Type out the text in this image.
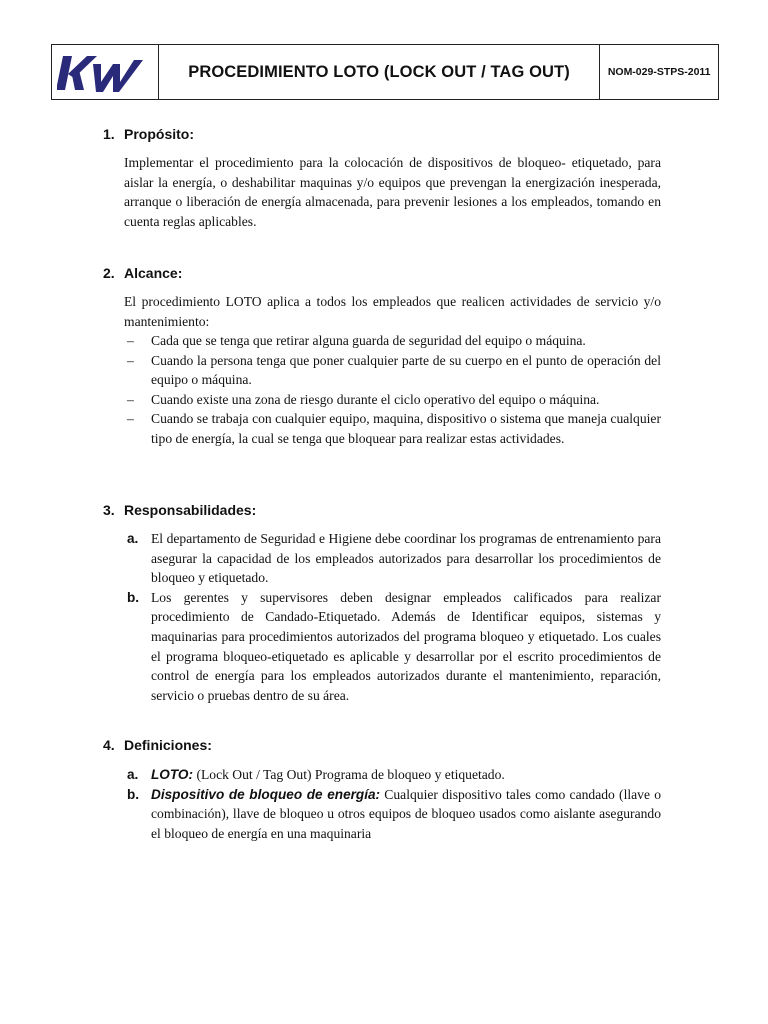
KW
PROCEDIMIENTO LOTO (LOCK OUT / TAG OUT)	NOM-029-STPS-2011
1. Propósito:

Implementar el procedimiento para la colocación de dispositivos de bloqueo- etiquetado, para aislar la energía, o deshabilitar maquinas y/o equipos que prevengan la energización inesperada, arranque o liberación de energía almacenada, para prevenir lesiones a los empleados, tomando en cuenta reglas aplicables.

2. Alcance:

El procedimiento LOTO aplica a todos los empleados que realicen actividades de servicio y/o mantenimiento:

– Cada que se tenga que retirar alguna guarda de seguridad del equipo o máquina.
– Cuando la persona tenga que poner cualquier parte de su cuerpo en el punto de operación del equipo o máquina.
– Cuando existe una zona de riesgo durante el ciclo operativo del equipo o máquina.
– Cuando se trabaja con cualquier equipo, maquina, dispositivo o sistema que maneja cualquier tipo de energía, la cual se tenga que bloquear para realizar estas actividades.
3. Responsabilidades:
a. El departamento de Seguridad e Higiene debe coordinar los programas de entrenamiento para asegurar la capacidad de los empleados autorizados para desarrollar los procedimientos de bloqueo y etiquetado.
b. Los gerentes y supervisores deben designar empleados calificados para realizar procedimiento de Candado-Etiquetado. Además de Identificar equipos, sistemas y maquinarias para procedimientos autorizados del programa bloqueo y etiquetado. Los cuales el programa bloqueo-etiquetado es aplicable y desarrollar por el escrito procedimientos de control de energía para los empleados autorizados durante el mantenimiento, reparación, servicio o pruebas dentro de su área.
4. Definiciones:
a. LOTO: (Lock Out / Tag Out) Programa de bloqueo y etiquetado.
b. Dispositivo de bloqueo de energía: Cualquier dispositivo tales como candado (llave o combinación), llave de bloqueo u otros equipos de bloqueo usados como aislante asegurando el bloqueo de energía en una maquinaria
